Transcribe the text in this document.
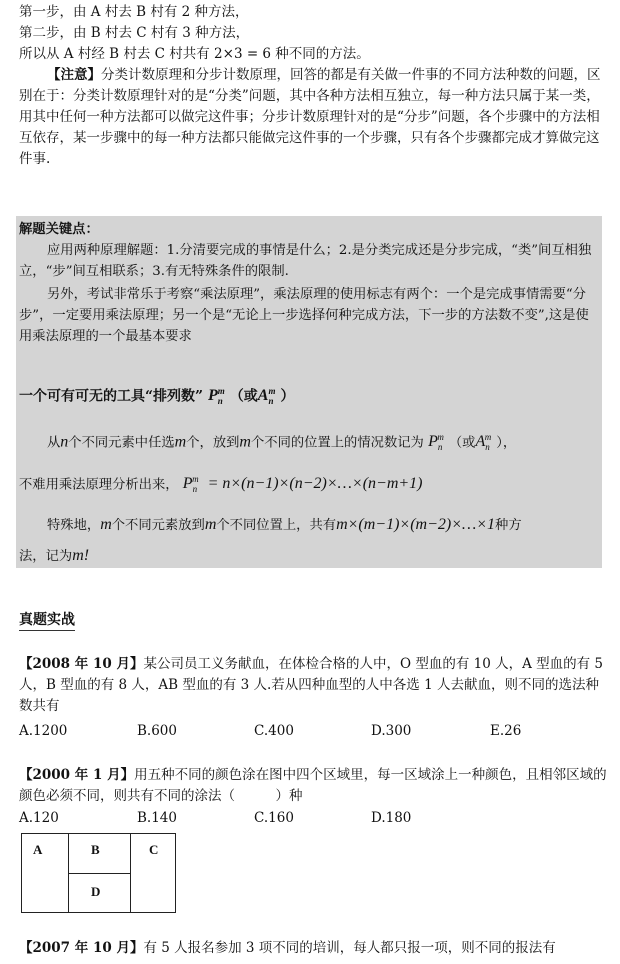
第一步，由 A 村去 B 村有 2 种方法，
第二步，由 B 村去 C 村有 3 种方法，
所以从 A 村经 B 村去 C 村共有 2×3 = 6 种不同的方法。
【注意】分类计数原理和分步计数原理，回答的都是有关做一件事的不同方法种数的问题，区别在于：分类计数原理针对的是“分类”问题，其中各种方法相互独立，每一种方法只属于某一类，用其中任何一种方法都可以做完这件事；分步计数原理针对的是“分步”问题，各个步骤中的方法相互依存，某一步骤中的每一种方法都只能做完这件事的一个步骤，只有各个步骤都完成才算做完这件事.
解题关键点：
应用两种原理解题：1.分清要完成的事情是什么；2.是分类完成还是分步完成，“类”间互相独立，“步”间互相联系；3.有无特殊条件的限制.
另外，考试非常乐于考察“乘法原理”，乘法原理的使用标志有两个：一个是完成事情需要“分步”，一定要用乘法原理；另一个是“无论上一步选择何种完成方法，下一步的方法数不变”,这是使用乘法原理的一个最基本要求
一个可有可无的工具“排列数” $P_n^m$ （或$A_n^m$ ）
从n个不同元素中任选m个，放到m个不同的位置上的情况数记为 $P_n^m$ （或$A_n^m$ ），
不难用乘法原理分析出来， $P_n^m$ = n×(n−1)×(n−2)×…×(n−m+1)
特殊地，m个不同元素放到m个不同位置上，共有m×(m−1)×(m−2)×…×1种方
法，记为m!
真题实战
【2008 年 10 月】某公司员工义务献血，在体检合格的人中，O 型血的有 10 人，A 型血的有 5 人，B 型血的有 8 人，AB 型血的有 3 人.若从四种血型的人中各选 1 人去献血，则不同的选法种数共有
A.1200	B.600	C.400	D.300	E.26
【2000 年 1 月】用五种不同的颜色涂在图中四个区域里，每一区域涂上一种颜色，且相邻区域的颜色必须不同，则共有不同的涂法（　　　）种
A.120	B.140	C.160	D.180
A	B	C
D
【2007 年 10 月】有 5 人报名参加 3 项不同的培训，每人都只报一项，则不同的报法有
